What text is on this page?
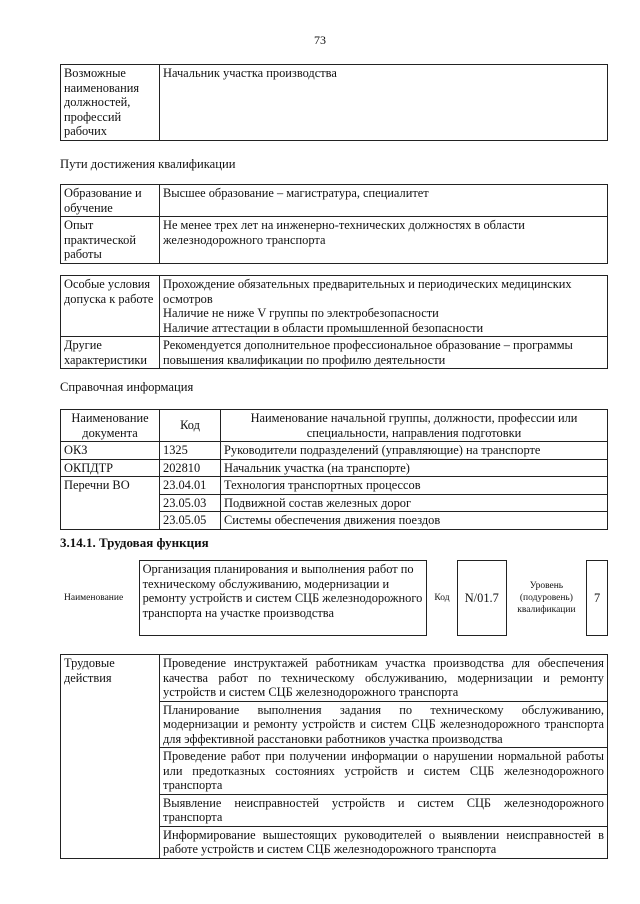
73
Возможные наименования должностей, профессий рабочих	Начальник участка производства
Пути достижения квалификации
Образование и обучение	Высшее образование – магистратура, специалитет
Опыт практической работы	Не менее трех лет на инженерно-технических должностях в области железнодорожного транспорта
Особые условия допуска к работе	Прохождение обязательных предварительных и периодических медицинских осмотров
Наличие не ниже V группы по электробезопасности
Наличие аттестации в области промышленной безопасности

Другие характеристики	Рекомендуется дополнительное профессиональное образование – программы повышения квалификации по профилю деятельности
Справочная информация
Наименование документа	Код	Наименование начальной группы, должности, профессии или специальности, направления подготовки
ОКЗ	1325	Руководители подразделений (управляющие) на транспорте
ОКПДТР	202810	Начальник участка (на транспорте)
Перечни ВО	23.04.01	Технология транспортных процессов
	23.05.03	Подвижной состав железных дорог
	23.05.05	Системы обеспечения движения поездов
3.14.1. Трудовая функция
Наименование	Организация планирования и выполнения работ по техническому обслуживанию, модернизации и ремонту устройств и систем СЦБ железнодорожного транспорта на участке производства	Код	N/01.7	Уровень (подуровень) квалификации	7
Трудовые действия	Проведение инструктажей работникам участка производства для обеспечения качества работ по техническому обслуживанию, модернизации и ремонту устройств и систем СЦБ железнодорожного транспорта
Планирование выполнения задания по техническому обслуживанию, модернизации и ремонту устройств и систем СЦБ железнодорожного транспорта для эффективной расстановки работников участка производства
Проведение работ при получении информации о нарушении нормальной работы или предотказных состояниях устройств и систем СЦБ железнодорожного транспорта
Выявление неисправностей устройств и систем СЦБ железнодорожного транспорта
Информирование вышестоящих руководителей о выявлении неисправностей в работе устройств и систем СЦБ железнодорожного транспорта
